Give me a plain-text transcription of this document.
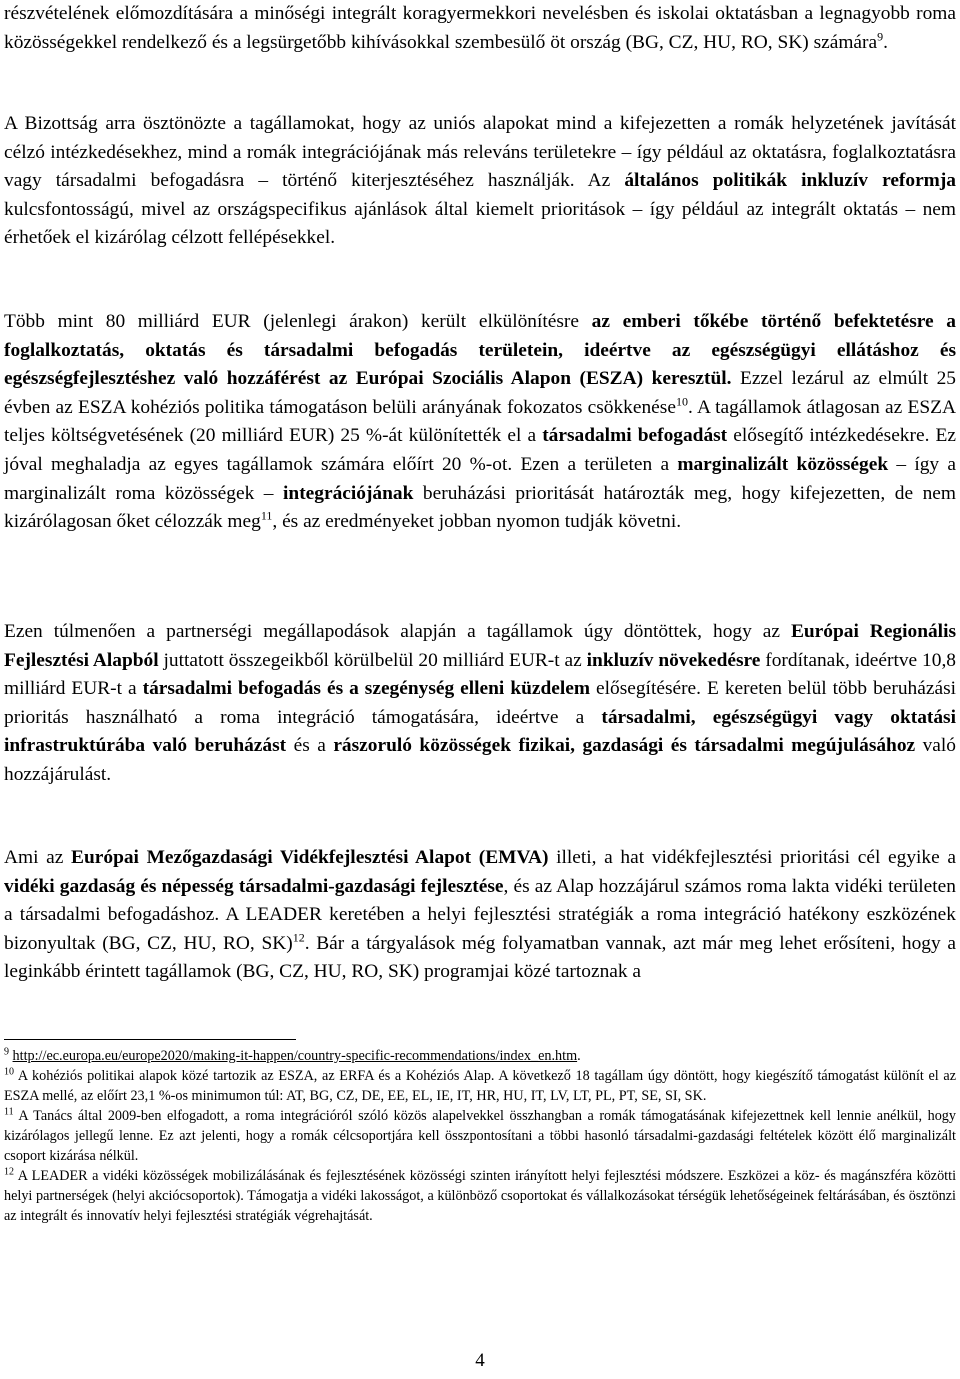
részvételének előmozdítására a minőségi integrált koragyermekkori nevelésben és iskolai oktatásban a legnagyobb roma közösségekkel rendelkező és a legsürgetőbb kihívásokkal szembesülő öt ország (BG, CZ, HU, RO, SK) számára$^9$.

A Bizottság arra ösztönözte a tagállamokat, hogy az uniós alapokat mind a kifejezetten a romák helyzetének javítását célzó intézkedésekhez, mind a romák integrációjának más releváns területekre – így például az oktatásra, foglalkoztatásra vagy társadalmi befogadásra – történő kiterjesztéséhez használják. Az általános politikák inkluzív reformja kulcsfontosságú, mivel az országspecifikus ajánlások által kiemelt prioritások – így például az integrált oktatás – nem érhetőek el kizárólag célzott fellépésekkel.

Több mint 80 milliárd EUR (jelenlegi árakon) került elkülönítésre az emberi tőkébe történő befektetésre a foglalkoztatás, oktatás és társadalmi befogadás területein, ideértve az egészségügyi ellátáshoz és egészségfejlesztéshez való hozzáférést az Európai Szociális Alapon (ESZA) keresztül. Ezzel lezárul az elmúlt 25 évben az ESZA kohéziós politika támogatáson belüli arányának fokozatos csökkenése$^{10}$. A tagállamok átlagosan az ESZA teljes költségvetésének (20 milliárd EUR) 25 %-át különítették el a társadalmi befogadást elősegítő intézkedésekre. Ez jóval meghaladja az egyes tagállamok számára előírt 20 %-ot. Ezen a területen a marginalizált közösségek – így a marginalizált roma közösségek – integrációjának beruházási prioritását határozták meg, hogy kifejezetten, de nem kizárólagosan őket célozzák meg$^{11}$, és az eredményeket jobban nyomon tudják követni.

Ezen túlmenően a partnerségi megállapodások alapján a tagállamok úgy döntöttek, hogy az Európai Regionális Fejlesztési Alapból juttatott összegeikből körülbelül 20 milliárd EUR-t az inkluzív növekedésre fordítanak, ideértve 10,8 milliárd EUR-t a társadalmi befogadás és a szegénység elleni küzdelem elősegítésére. E kereten belül több beruházási prioritás használható a roma integráció támogatására, ideértve a társadalmi, egészségügyi vagy oktatási infrastruktúrába való beruházást és a rászoruló közösségek fizikai, gazdasági és társadalmi megújulásához való hozzájárulást.

Ami az Európai Mezőgazdasági Vidékfejlesztési Alapot (EMVA) illeti, a hat vidékfejlesztési prioritási cél egyike a vidéki gazdaság és népesség társadalmi-gazdasági fejlesztése, és az Alap hozzájárul számos roma lakta vidéki területen a társadalmi befogadáshoz. A LEADER keretében a helyi fejlesztési stratégiák a roma integráció hatékony eszközének bizonyultak (BG, CZ, HU, RO, SK)$^{12}$. Bár a tárgyalások még folyamatban vannak, azt már meg lehet erősíteni, hogy a leginkább érintett tagállamok (BG, CZ, HU, RO, SK) programjai közé tartoznak a

$^9$ http://ec.europa.eu/europe2020/making-it-happen/country-specific-recommendations/index_en.htm.

$^{10}$ A kohéziós politikai alapok közé tartozik az ESZA, az ERFA és a Kohéziós Alap. A következő 18 tagállam úgy döntött, hogy kiegészítő támogatást különít el az ESZA mellé, az előírt 23,1 %-os minimumon túl: AT, BG, CZ, DE, EE, EL, IE, IT, HR, HU, IT, LV, LT, PL, PT, SE, SI, SK.

$^{11}$ A Tanács által 2009-ben elfogadott, a roma integrációról szóló közös alapelvekkel összhangban a romák támogatásának kifejezettnek kell lennie anélkül, hogy kizárólagos jellegű lenne. Ez azt jelenti, hogy a romák célcsoportjára kell összpontosítani a többi hasonló társadalmi-gazdasági feltételek között élő marginalizált csoport kizárása nélkül.

$^{12}$ A LEADER a vidéki közösségek mobilizálásának és fejlesztésének közösségi szinten irányított helyi fejlesztési módszere. Eszközei a köz- és magánszféra közötti helyi partnerségek (helyi akciócsoportok). Támogatja a vidéki lakosságot, a különböző csoportokat és vállalkozásokat térségük lehetőségeinek feltárásában, és ösztönzi az integrált és innovatív helyi fejlesztési stratégiák végrehajtását.

4
